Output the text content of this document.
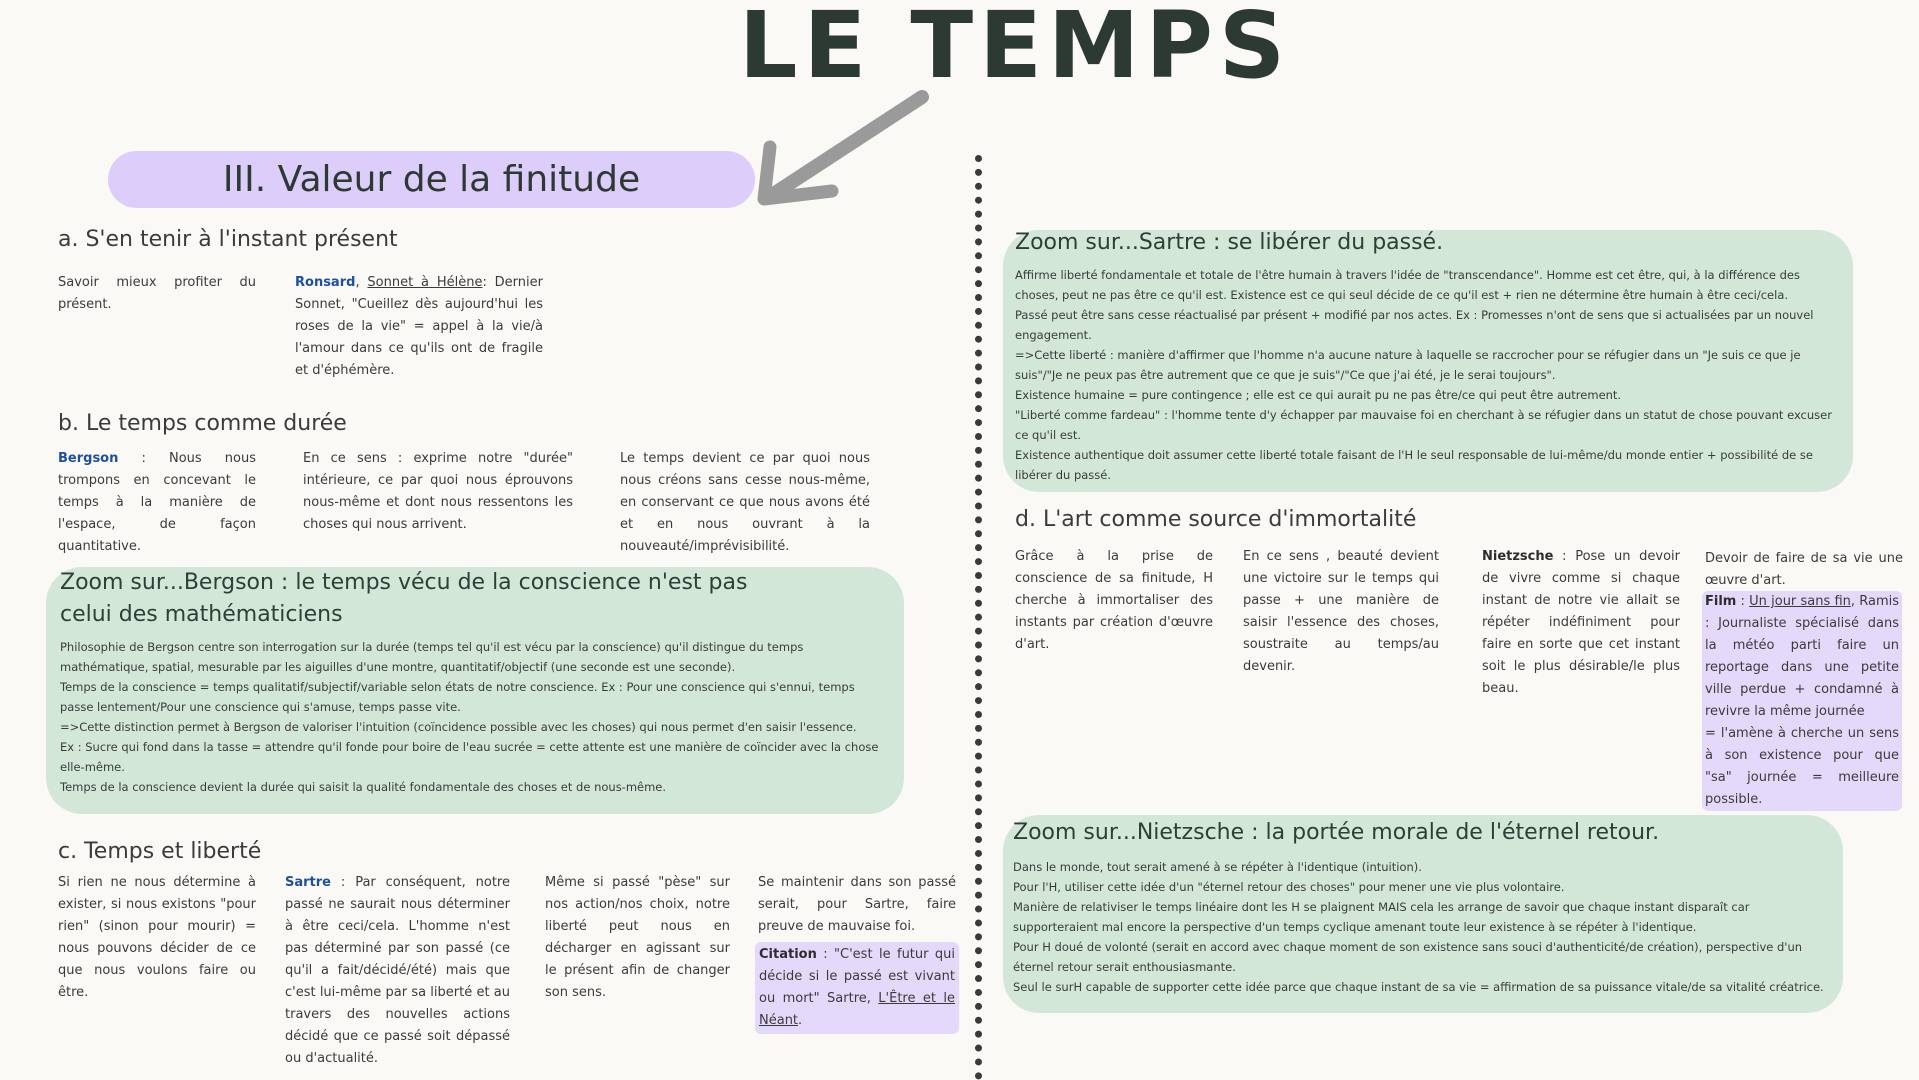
LE TEMPS
III. Valeur de la finitude
a. S'en tenir à l'instant présent
Savoir mieux profiter du présent.
Ronsard, Sonnet à Hélène: Dernier Sonnet, "Cueillez dès aujourd'hui les roses de la vie" = appel à la vie/à l'amour dans ce qu'ils ont de fragile et d'éphémère.
b. Le temps comme durée
Bergson : Nous nous trompons en concevant le temps à la manière de l'espace, de façon quantitative.
En ce sens : exprime notre "durée" intérieure, ce par quoi nous éprouvons nous-même et dont nous ressentons les choses qui nous arrivent.
Le temps devient ce par quoi nous nous créons sans cesse nous-même, en conservant ce que nous avons été et en nous ouvrant à la nouveauté/imprévisibilité.
Zoom sur...Bergson : le temps vécu de la conscience n'est pas celui des mathématiciens
Philosophie de Bergson centre son interrogation sur la durée (temps tel qu'il est vécu par la conscience) qu'il distingue du temps mathématique, spatial, mesurable par les aiguilles d'une montre, quantitatif/objectif (une seconde est une seconde).
Temps de la conscience = temps qualitatif/subjectif/variable selon états de notre conscience. Ex : Pour une conscience qui s'ennui, temps passe lentement/Pour une conscience qui s'amuse, temps passe vite.
=>Cette distinction permet à Bergson de valoriser l'intuition (coïncidence possible avec les choses) qui nous permet d'en saisir l'essence.
Ex : Sucre qui fond dans la tasse = attendre qu'il fonde pour boire de l'eau sucrée = cette attente est une manière de coïncider avec la chose elle-même.
Temps de la conscience devient la durée qui saisit la qualité fondamentale des choses et de nous-même.
c. Temps et liberté
Si rien ne nous détermine à exister, si nous existons "pour rien" (sinon pour mourir) = nous pouvons décider de ce que nous voulons faire ou être.
Sartre : Par conséquent, notre passé ne saurait nous déterminer à être ceci/cela. L'homme n'est pas déterminé par son passé (ce qu'il a fait/décidé/été) mais que c'est lui-même par sa liberté et au travers des nouvelles actions décidé que ce passé soit dépassé ou d'actualité.
Même si passé "pèse" sur nos action/nos choix, notre liberté peut nous en décharger en agissant sur le présent afin de changer son sens.
Se maintenir dans son passé serait, pour Sartre, faire preuve de mauvaise foi.
Citation : "C'est le futur qui décide si le passé est vivant ou mort" Sartre, L'Être et le Néant.
Zoom sur...Sartre : se libérer du passé.
Affirme liberté fondamentale et totale de l'être humain à travers l'idée de "transcendance". Homme est cet être, qui, à la différence des choses, peut ne pas être ce qu'il est. Existence est ce qui seul décide de ce qu'il est + rien ne détermine être humain à être ceci/cela.
Passé peut être sans cesse réactualisé par présent + modifié par nos actes. Ex : Promesses n'ont de sens que si actualisées par un nouvel engagement.
=>Cette liberté : manière d'affirmer que l'homme n'a aucune nature à laquelle se raccrocher pour se réfugier dans un "Je suis ce que je suis"/"Je ne peux pas être autrement que ce que je suis"/"Ce que j'ai été, je le serai toujours".
Existence humaine = pure contingence ; elle est ce qui aurait pu ne pas être/ce qui peut être autrement.
"Liberté comme fardeau" : l'homme tente d'y échapper par mauvaise foi en cherchant à se réfugier dans un statut de chose pouvant excuser ce qu'il est.
Existence authentique doit assumer cette liberté totale faisant de l'H le seul responsable de lui-même/du monde entier + possibilité de se libérer du passé.
d. L'art comme source d'immortalité
Grâce à la prise de conscience de sa finitude, H cherche à immortaliser des instants par création d'œuvre d'art.
En ce sens , beauté devient une victoire sur le temps qui passe + une manière de saisir l'essence des choses, soustraite au temps/au devenir.
Nietzsche : Pose un devoir de vivre comme si chaque instant de notre vie allait se répéter indéfiniment pour faire en sorte que cet instant soit le plus désirable/le plus beau.
Devoir de faire de sa vie une œuvre d'art.
Film : Un jour sans fin, Ramis : Journaliste spécialisé dans la météo parti faire un reportage dans une petite ville perdue + condamné à revivre la même journée
= l'amène à cherche un sens à son existence pour que "sa" journée = meilleure possible.
Zoom sur...Nietzsche : la portée morale de l'éternel retour.
Dans le monde, tout serait amené à se répéter à l'identique (intuition).
Pour l'H, utiliser cette idée d'un "éternel retour des choses" pour mener une vie plus volontaire.
Manière de relativiser le temps linéaire dont les H se plaignent MAIS cela les arrange de savoir que chaque instant disparaît car supporteraient mal encore la perspective d'un temps cyclique amenant toute leur existence à se répéter à l'identique.
Pour H doué de volonté (serait en accord avec chaque moment de son existence sans souci d'authenticité/de création), perspective d'un éternel retour serait enthousiasmante.
Seul le surH capable de supporter cette idée parce que chaque instant de sa vie = affirmation de sa puissance vitale/de sa vitalité créatrice.
